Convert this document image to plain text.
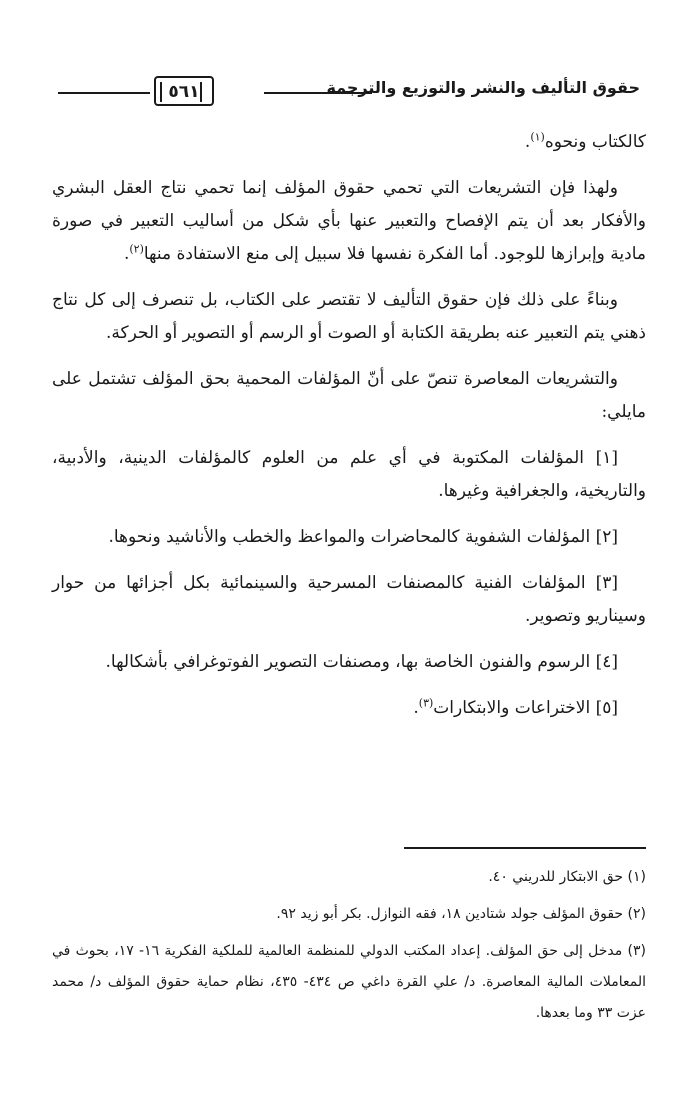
حقوق التأليف والنشر والتوزيع والترجمة
٥٦١

كالكتاب ونحوه$^{(١)}$.

ولهذا فإن التشريعات التي تحمي حقوق المؤلف إنما تحمي نتاج العقل البشري والأفكار بعد أن يتم الإفصاح والتعبير عنها بأي شكل من أساليب التعبير في صورة مادية وإبرازها للوجود. أما الفكرة نفسها فلا سبيل إلى منع الاستفادة منها$^{(٢)}$.

وبناءً على ذلك فإن حقوق التأليف لا تقتصر على الكتاب، بل تنصرف إلى كل نتاج ذهني يتم التعبير عنه بطريقة الكتابة أو الصوت أو الرسم أو التصوير أو الحركة.

والتشريعات المعاصرة تنصّ على أنّ المؤلفات المحمية بحق المؤلف تشتمل على مايلي:

[١] المؤلفات المكتوبة في أي علم من العلوم كالمؤلفات الدينية، والأدبية، والتاريخية، والجغرافية وغيرها.

[٢] المؤلفات الشفوية كالمحاضرات والمواعظ والخطب والأناشيد ونحوها.

[٣] المؤلفات الفنية كالمصنفات المسرحية والسينمائية بكل أجزائها من حوار وسيناريو وتصوير.

[٤] الرسوم والفنون الخاصة بها، ومصنفات التصوير الفوتوغرافي بأشكالها.

[٥] الاختراعات والابتكارات$^{(٣)}$.

(١) حق الابتكار للدريني ٤٠.

(٢) حقوق المؤلف جولد شتادين ١٨، فقه النوازل. بكر أبو زيد ٩٢.

(٣) مدخل إلى حق المؤلف. إعداد المكتب الدولي للمنظمة العالمية للملكية الفكرية ١٦- ١٧، بحوث في المعاملات المالية المعاصرة. د/ علي القرة داغي ص ٤٣٤- ٤٣٥، نظام حماية حقوق المؤلف د/ محمد عزت ٣٣ وما بعدها.
